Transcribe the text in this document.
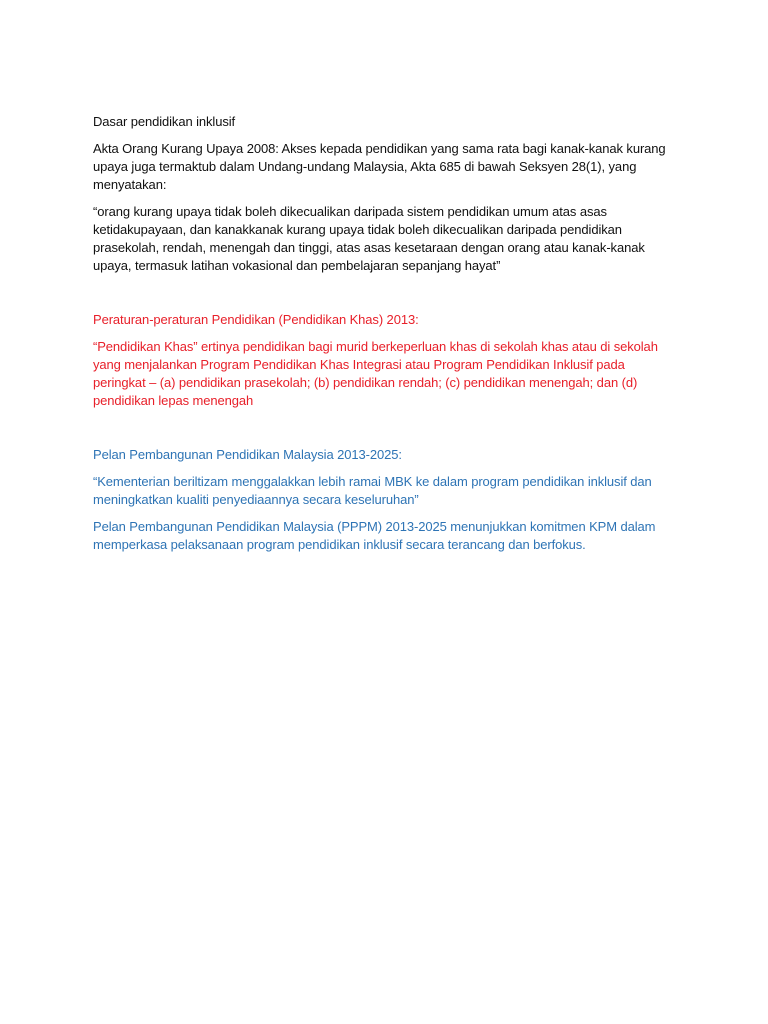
Dasar pendidikan inklusif

Akta Orang Kurang Upaya 2008: Akses kepada pendidikan yang sama rata bagi kanak-kanak kurang upaya juga termaktub dalam Undang-undang Malaysia, Akta 685 di bawah Seksyen 28(1), yang menyatakan:

“orang kurang upaya tidak boleh dikecualikan daripada sistem pendidikan umum atas asas ketidakupayaan, dan kanakkanak kurang upaya tidak boleh dikecualikan daripada pendidikan prasekolah, rendah, menengah dan tinggi, atas asas kesetaraan dengan orang atau kanak-kanak upaya, termasuk latihan vokasional dan pembelajaran sepanjang hayat”

Peraturan-peraturan Pendidikan (Pendidikan Khas) 2013:

“Pendidikan Khas” ertinya pendidikan bagi murid berkeperluan khas di sekolah khas atau di sekolah yang menjalankan Program Pendidikan Khas Integrasi atau Program Pendidikan Inklusif pada peringkat – (a) pendidikan prasekolah; (b) pendidikan rendah; (c) pendidikan menengah; dan (d) pendidikan lepas menengah

Pelan Pembangunan Pendidikan Malaysia 2013-2025:

“Kementerian beriltizam menggalakkan lebih ramai MBK ke dalam program pendidikan inklusif dan meningkatkan kualiti penyediaannya secara keseluruhan”

Pelan Pembangunan Pendidikan Malaysia (PPPM) 2013-2025 menunjukkan komitmen KPM dalam memperkasa pelaksanaan program pendidikan inklusif secara terancang dan berfokus.
